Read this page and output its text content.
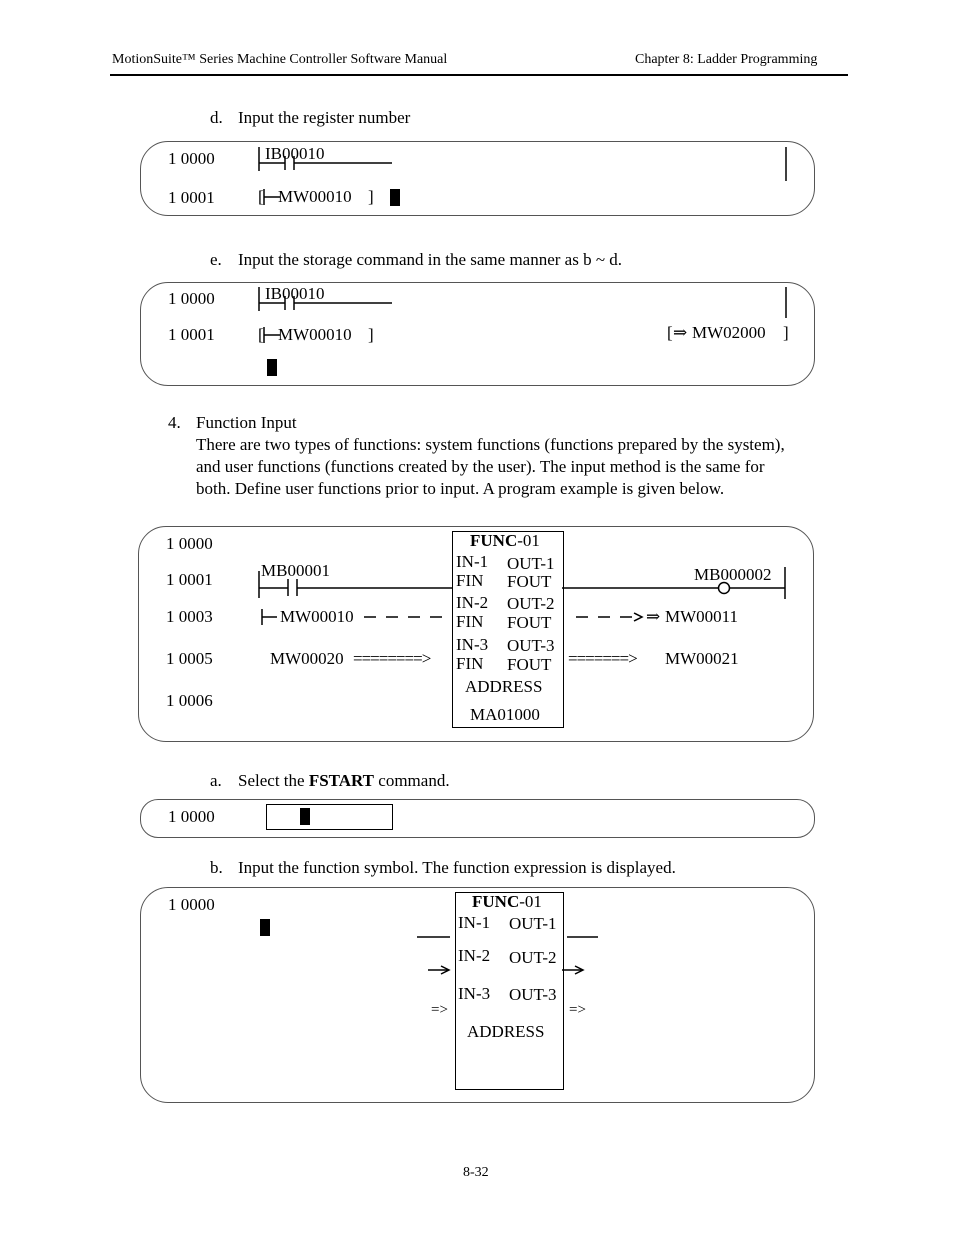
MotionSuite™ Series Machine Controller Software Manual	Chapter 8: Ladder Programming
d. Input the register number
1 0000
1 0001
IB00010
[ MW00010 ]
e. Input the storage command in the same manner as b ~ d.
1 0000
1 0001
IB00010
[ MW00010 ]	[ ⇒ MW02000 ]
4. Function Input
There are two types of functions: system functions (functions prepared by the system),
and user functions (functions created by the user). The input method is the same for
both. Define user functions prior to input. A program example is given below.
1 0000
1 0001
1 0003
1 0005
1 0006
MB00001	MB000002
MW00010
MW00020 ========>
⇒ MW00011
=======> MW00021
FUNC-01
IN-1 OUT-1
FIN FOUT
IN-2 OUT-2
FIN FOUT
IN-3 OUT-3
FIN FOUT
ADDRESS
MA01000
a. Select the FSTART command.
1 0000
b. Input the function symbol. The function expression is displayed.
1 0000	FUNC-01
IN-1 OUT-1
IN-2 OUT-2
IN-3 OUT-3
ADDRESS
=>	=>
8-32
